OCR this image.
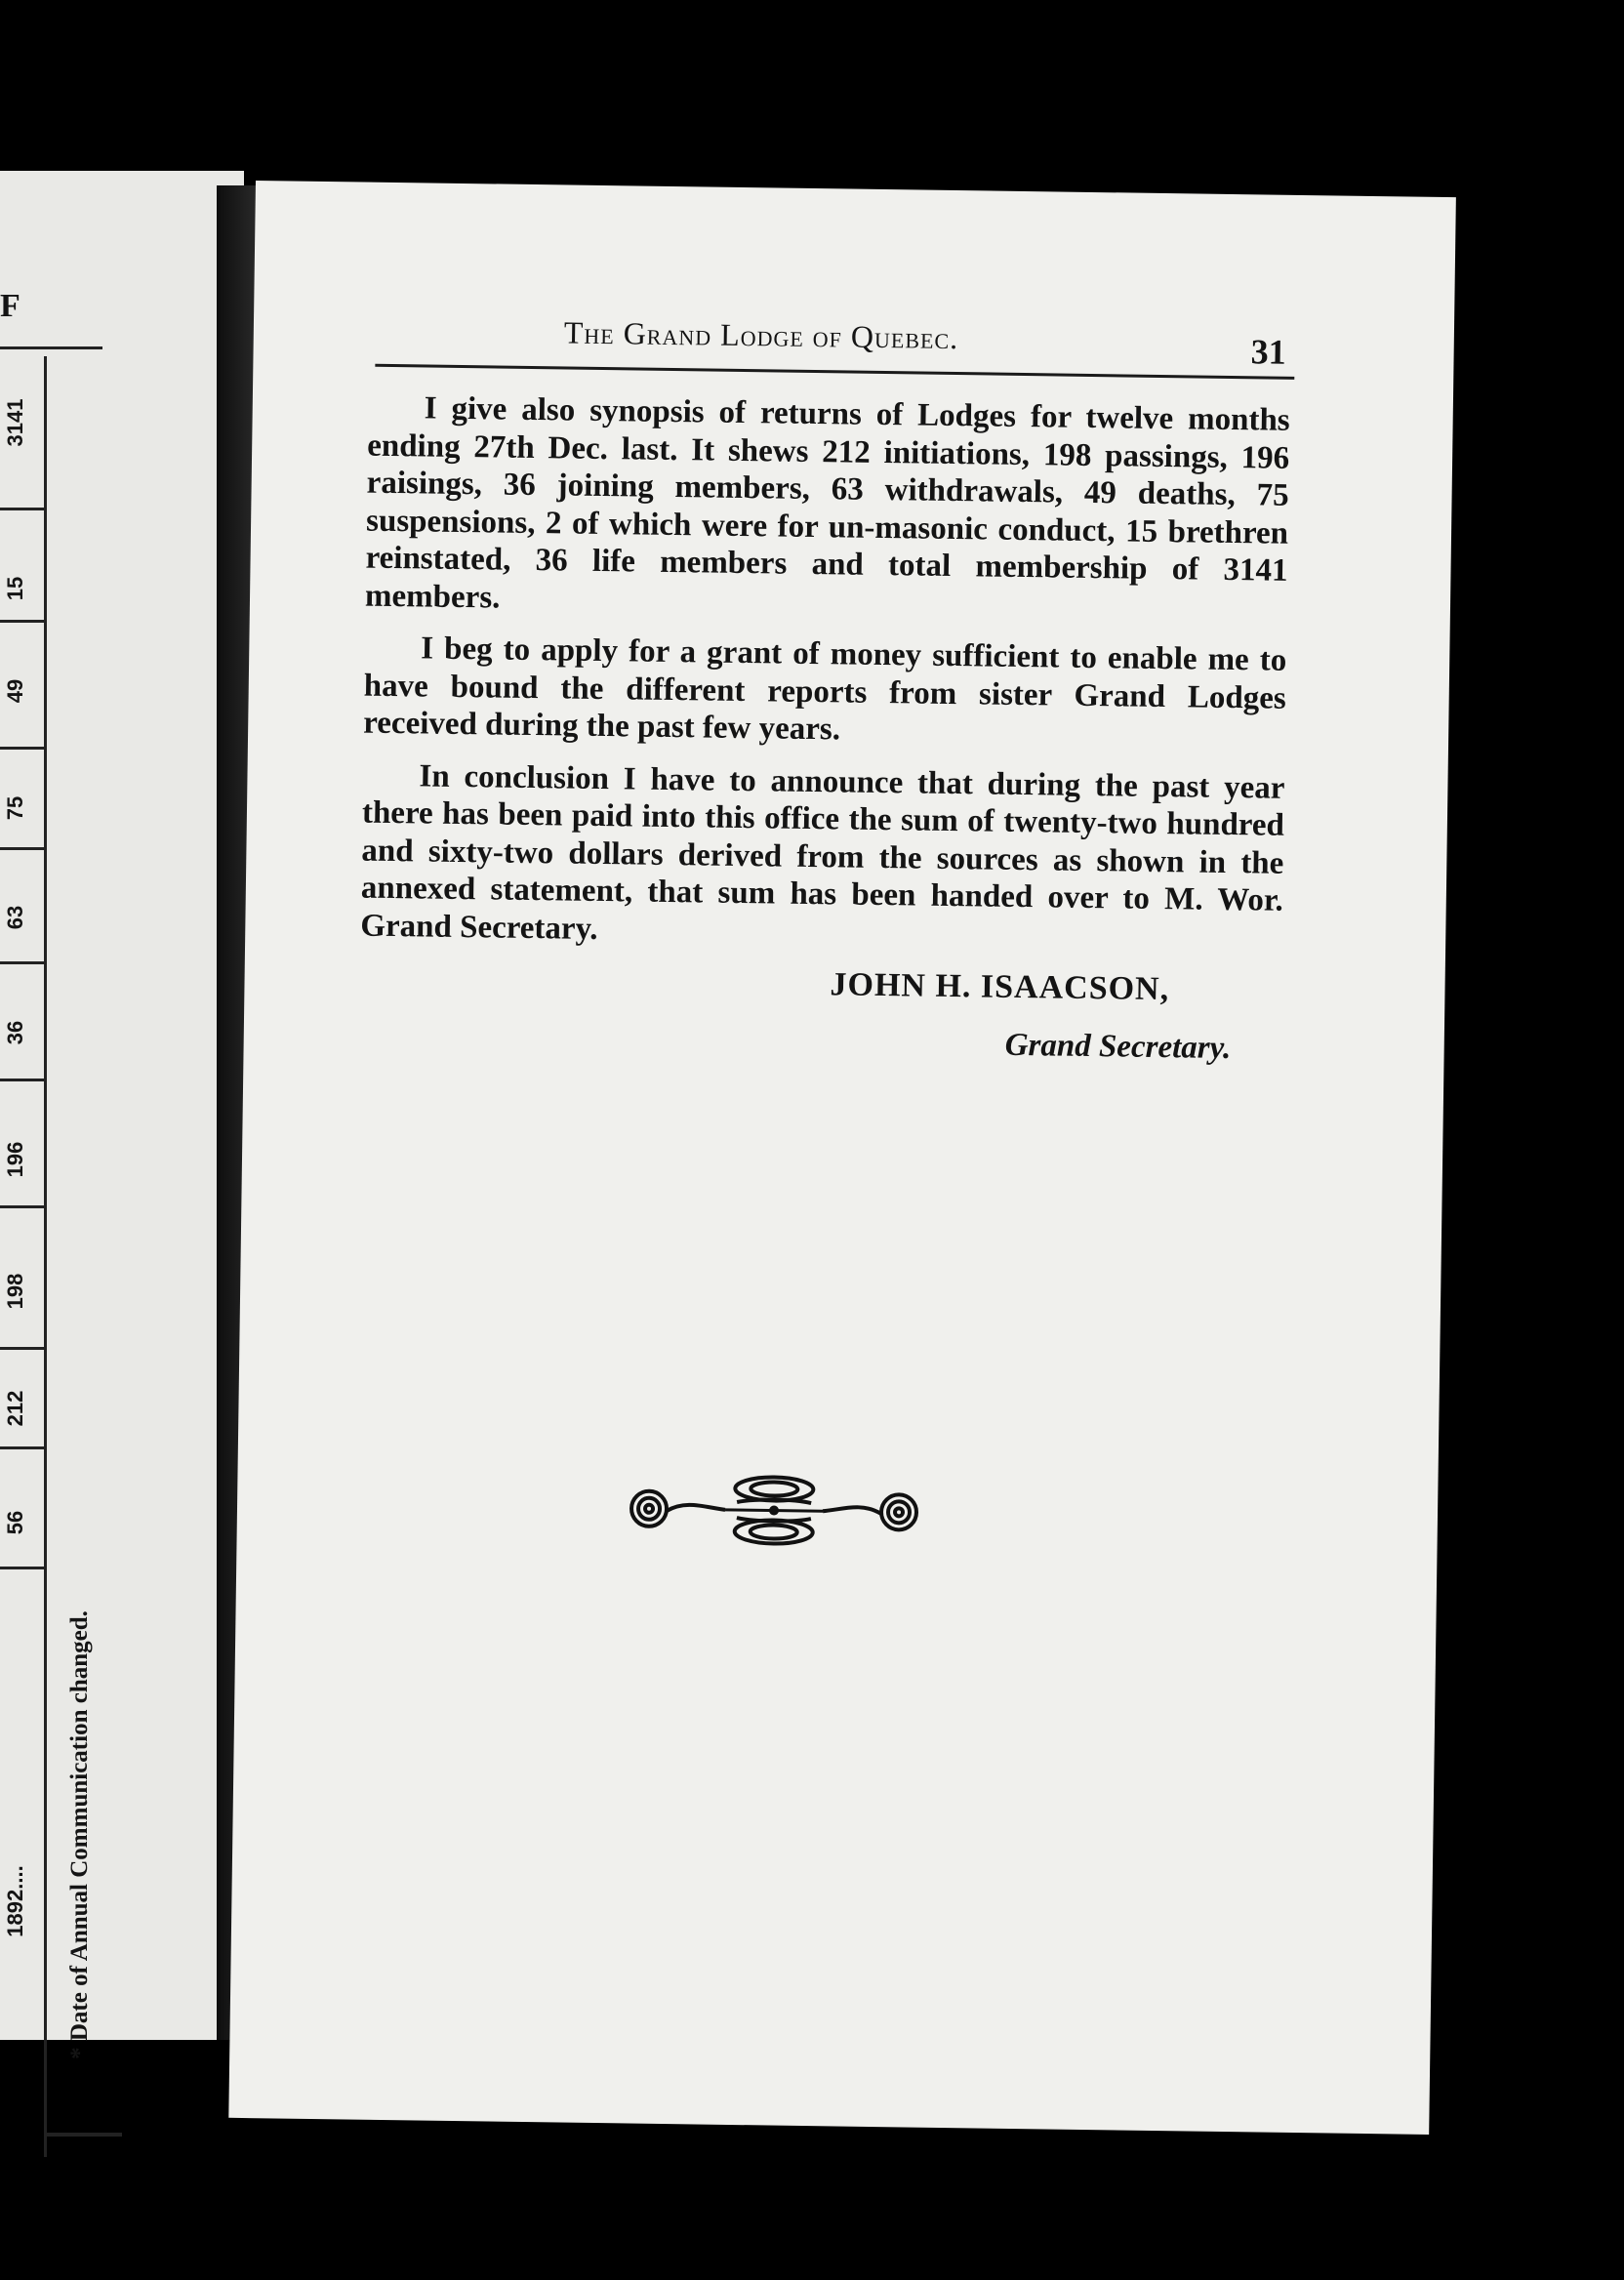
F
3141
15
49
75
63
36
196
198
212
56
1892.... * Date of Annual Communication changed.
The Grand Lodge of Quebec.	31

I give also synopsis of returns of Lodges for twelve months ending 27th Dec. last. It shews 212 initiations, 198 passings, 196 raisings, 36 joining members, 63 withdrawals, 49 deaths, 75 suspensions, 2 of which were for un-masonic conduct, 15 brethren reinstated, 36 life members and total membership of 3141 members.

I beg to apply for a grant of money sufficient to enable me to have bound the different reports from sister Grand Lodges received during the past few years.

In conclusion I have to announce that during the past year there has been paid into this office the sum of twenty-two hundred and sixty-two dollars derived from the sources as shown in the annexed statement, that sum has been handed over to M. Wor. Grand Secretary.

JOHN H. ISAACSON,
Grand Secretary.
